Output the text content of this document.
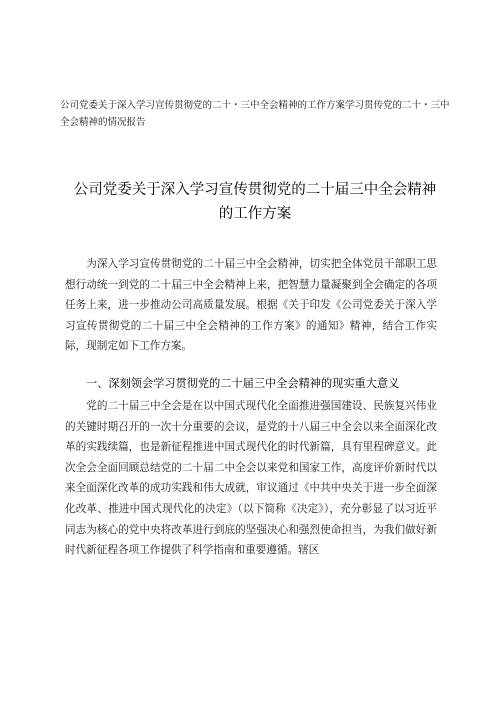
公司党委关于深入学习宣传贯彻党的二十・三中全会精神的工作方案学习贯传党的二十・三中全会精神的情况报告
公司党委关于深入学习宣传贯彻党的二十届三中全会精神的工作方案
为深入学习宣传贯彻党的二十届三中全会精神，切实把全体党员干部职工思想行动统一到党的二十届三中全会精神上来，把智慧力量凝聚到全会确定的各项任务上来，进一步推动公司高质量发展。根据《关于印发《公司党委关于深入学习宣传贯彻党的二十届三中全会精神的工作方案》的通知》精神，结合工作实际，现制定如下工作方案。
一、深刻领会学习贯彻党的二十届三中全会精神的现实重大意义
党的二十届三中全会是在以中国式现代化全面推进强国建设、民族复兴伟业的关键时期召开的一次十分重要的会议，是党的十八届三中全会以来全面深化改革的实践续篇，也是新征程推进中国式现代化的时代新篇，具有里程碑意义。此次全会全面回顾总结党的二十届二中全会以来党和国家工作，高度评价新时代以来全面深化改革的成功实践和伟大成就，审议通过《中共中央关于进一步全面深化改革、推进中国式现代化的决定》（以下简称《决定》），充分彰显了以习近平同志为核心的党中央将改革进行到底的坚强决心和强烈使命担当，为我们做好新时代新征程各项工作提供了科学指南和重要遵循。辖区
